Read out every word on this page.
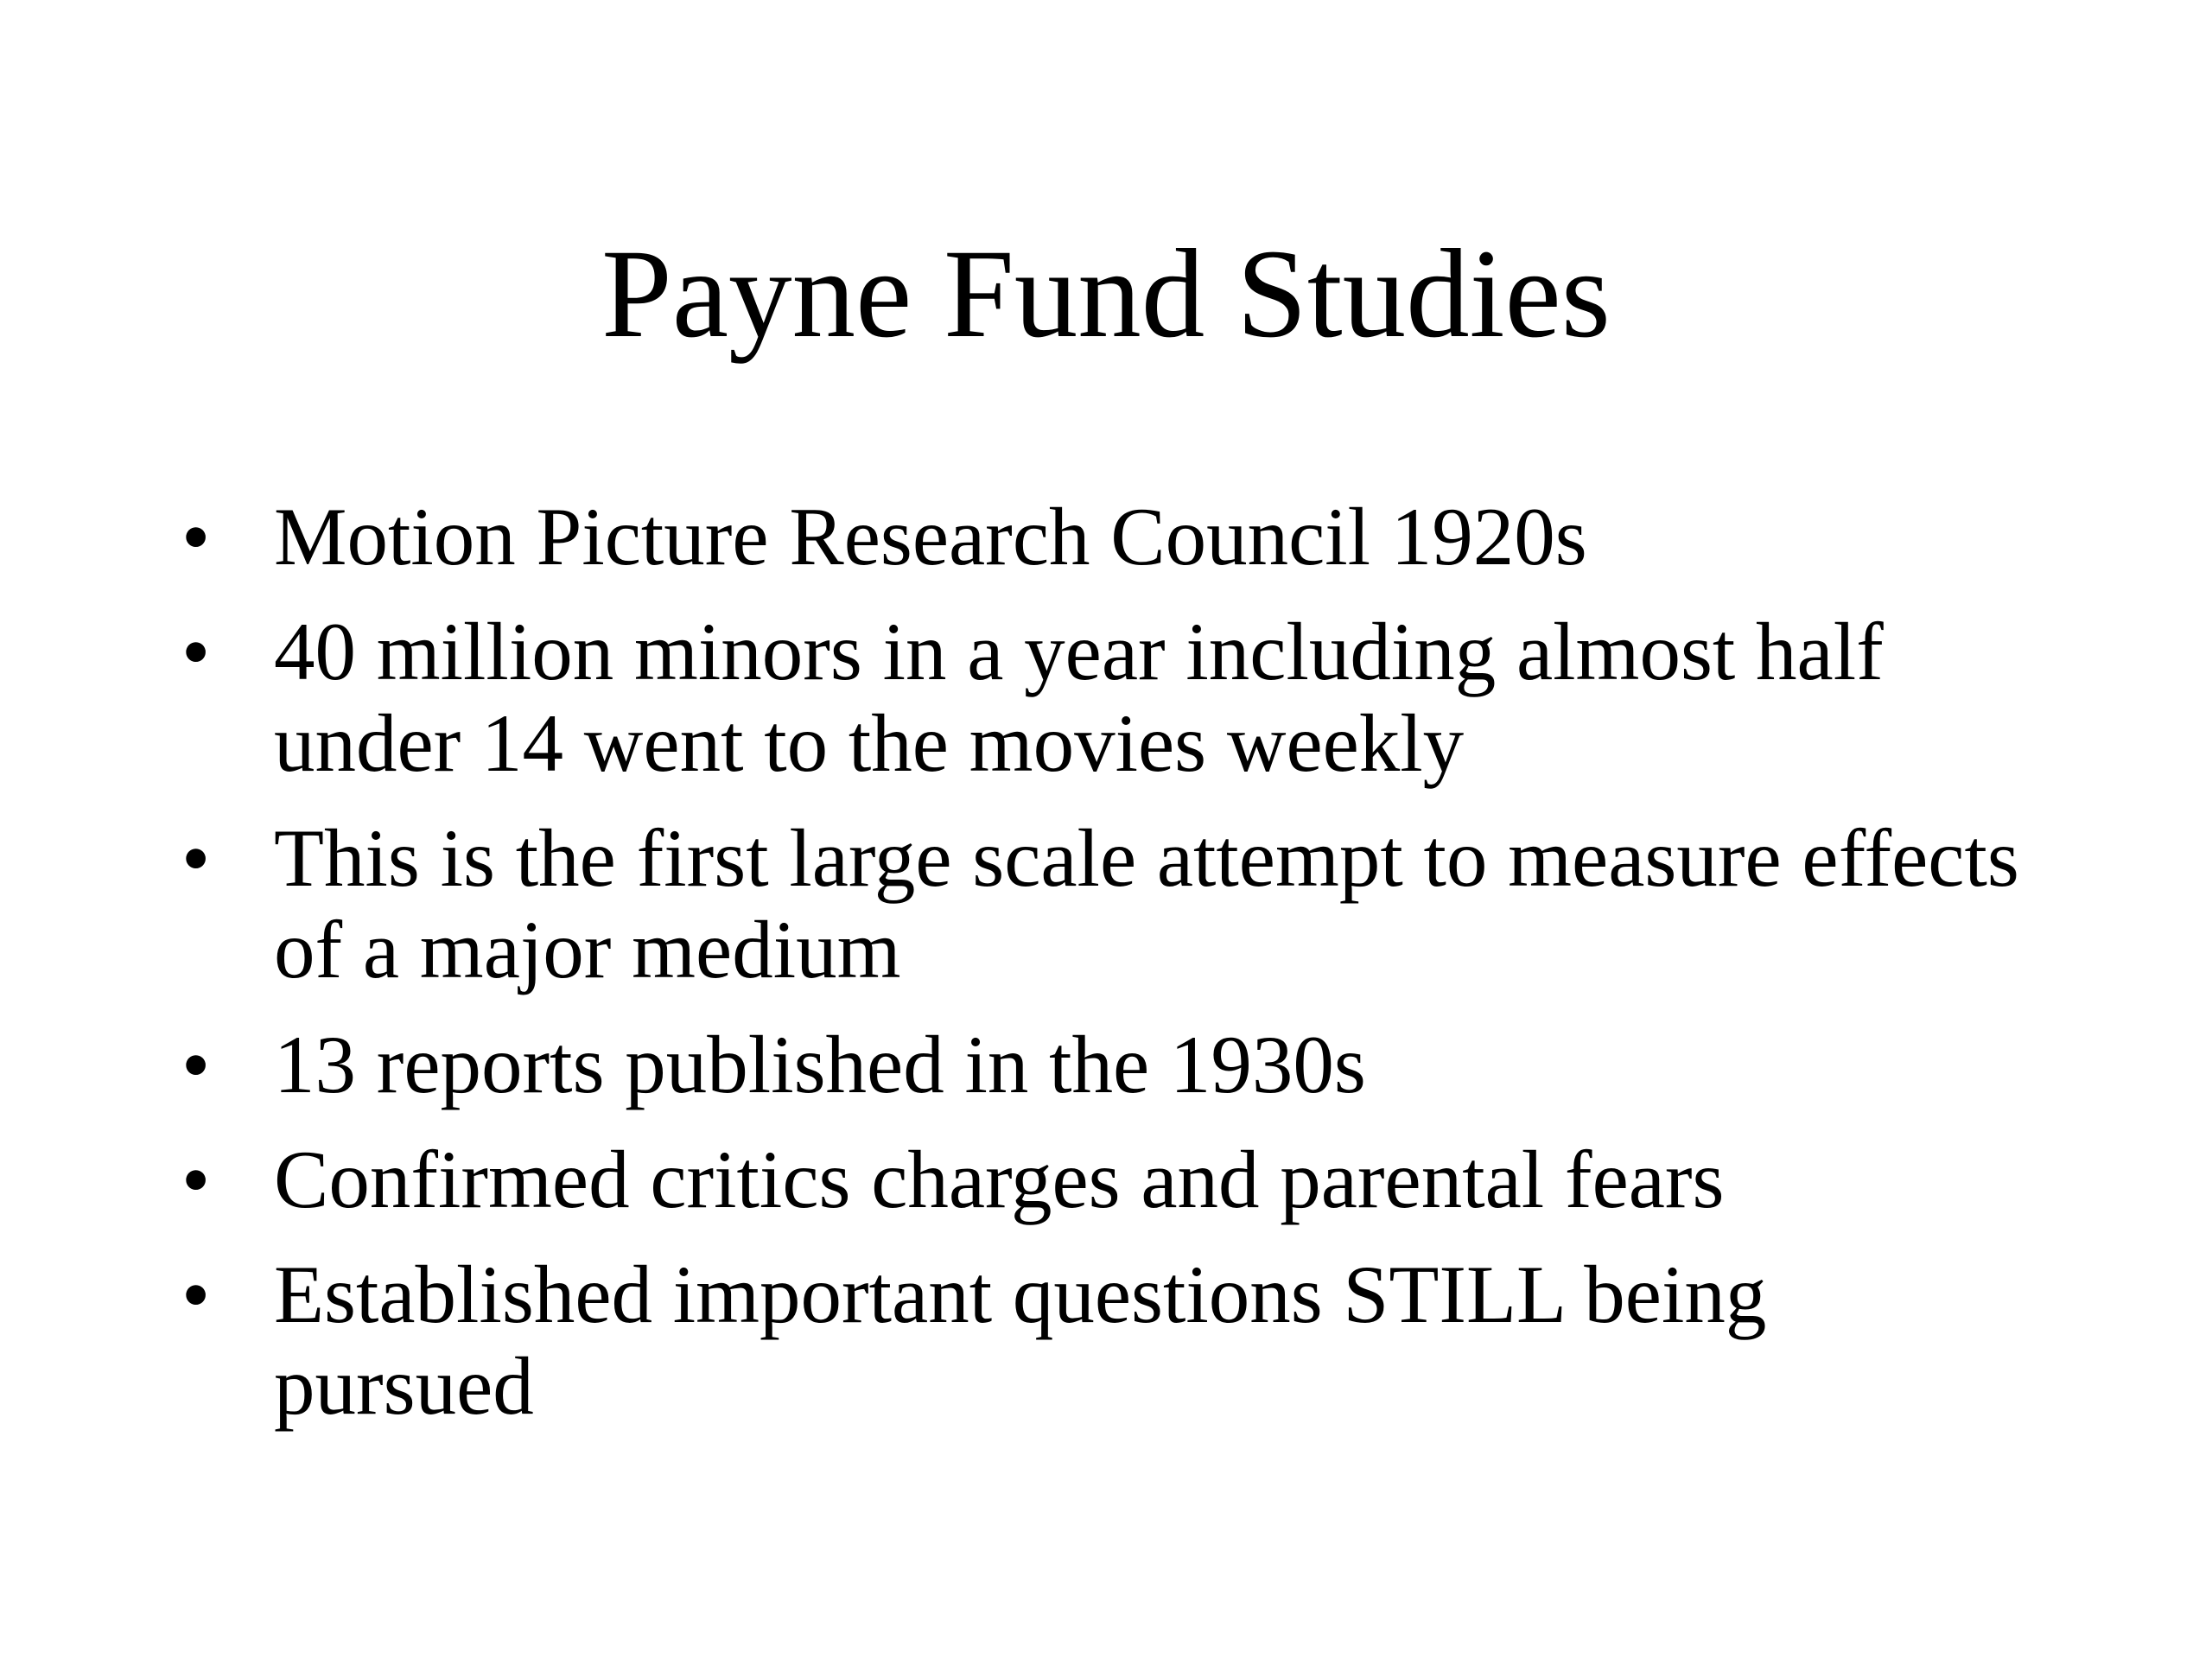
Payne Fund Studies
• Motion Picture Research Council 1920s
• 40 million minors in a year including almost half under 14 went to the movies weekly
• This is the first large scale attempt to measure effects of a major medium
• 13 reports published in the 1930s
• Confirmed critics charges and parental fears
• Established important questions STILL being pursued
